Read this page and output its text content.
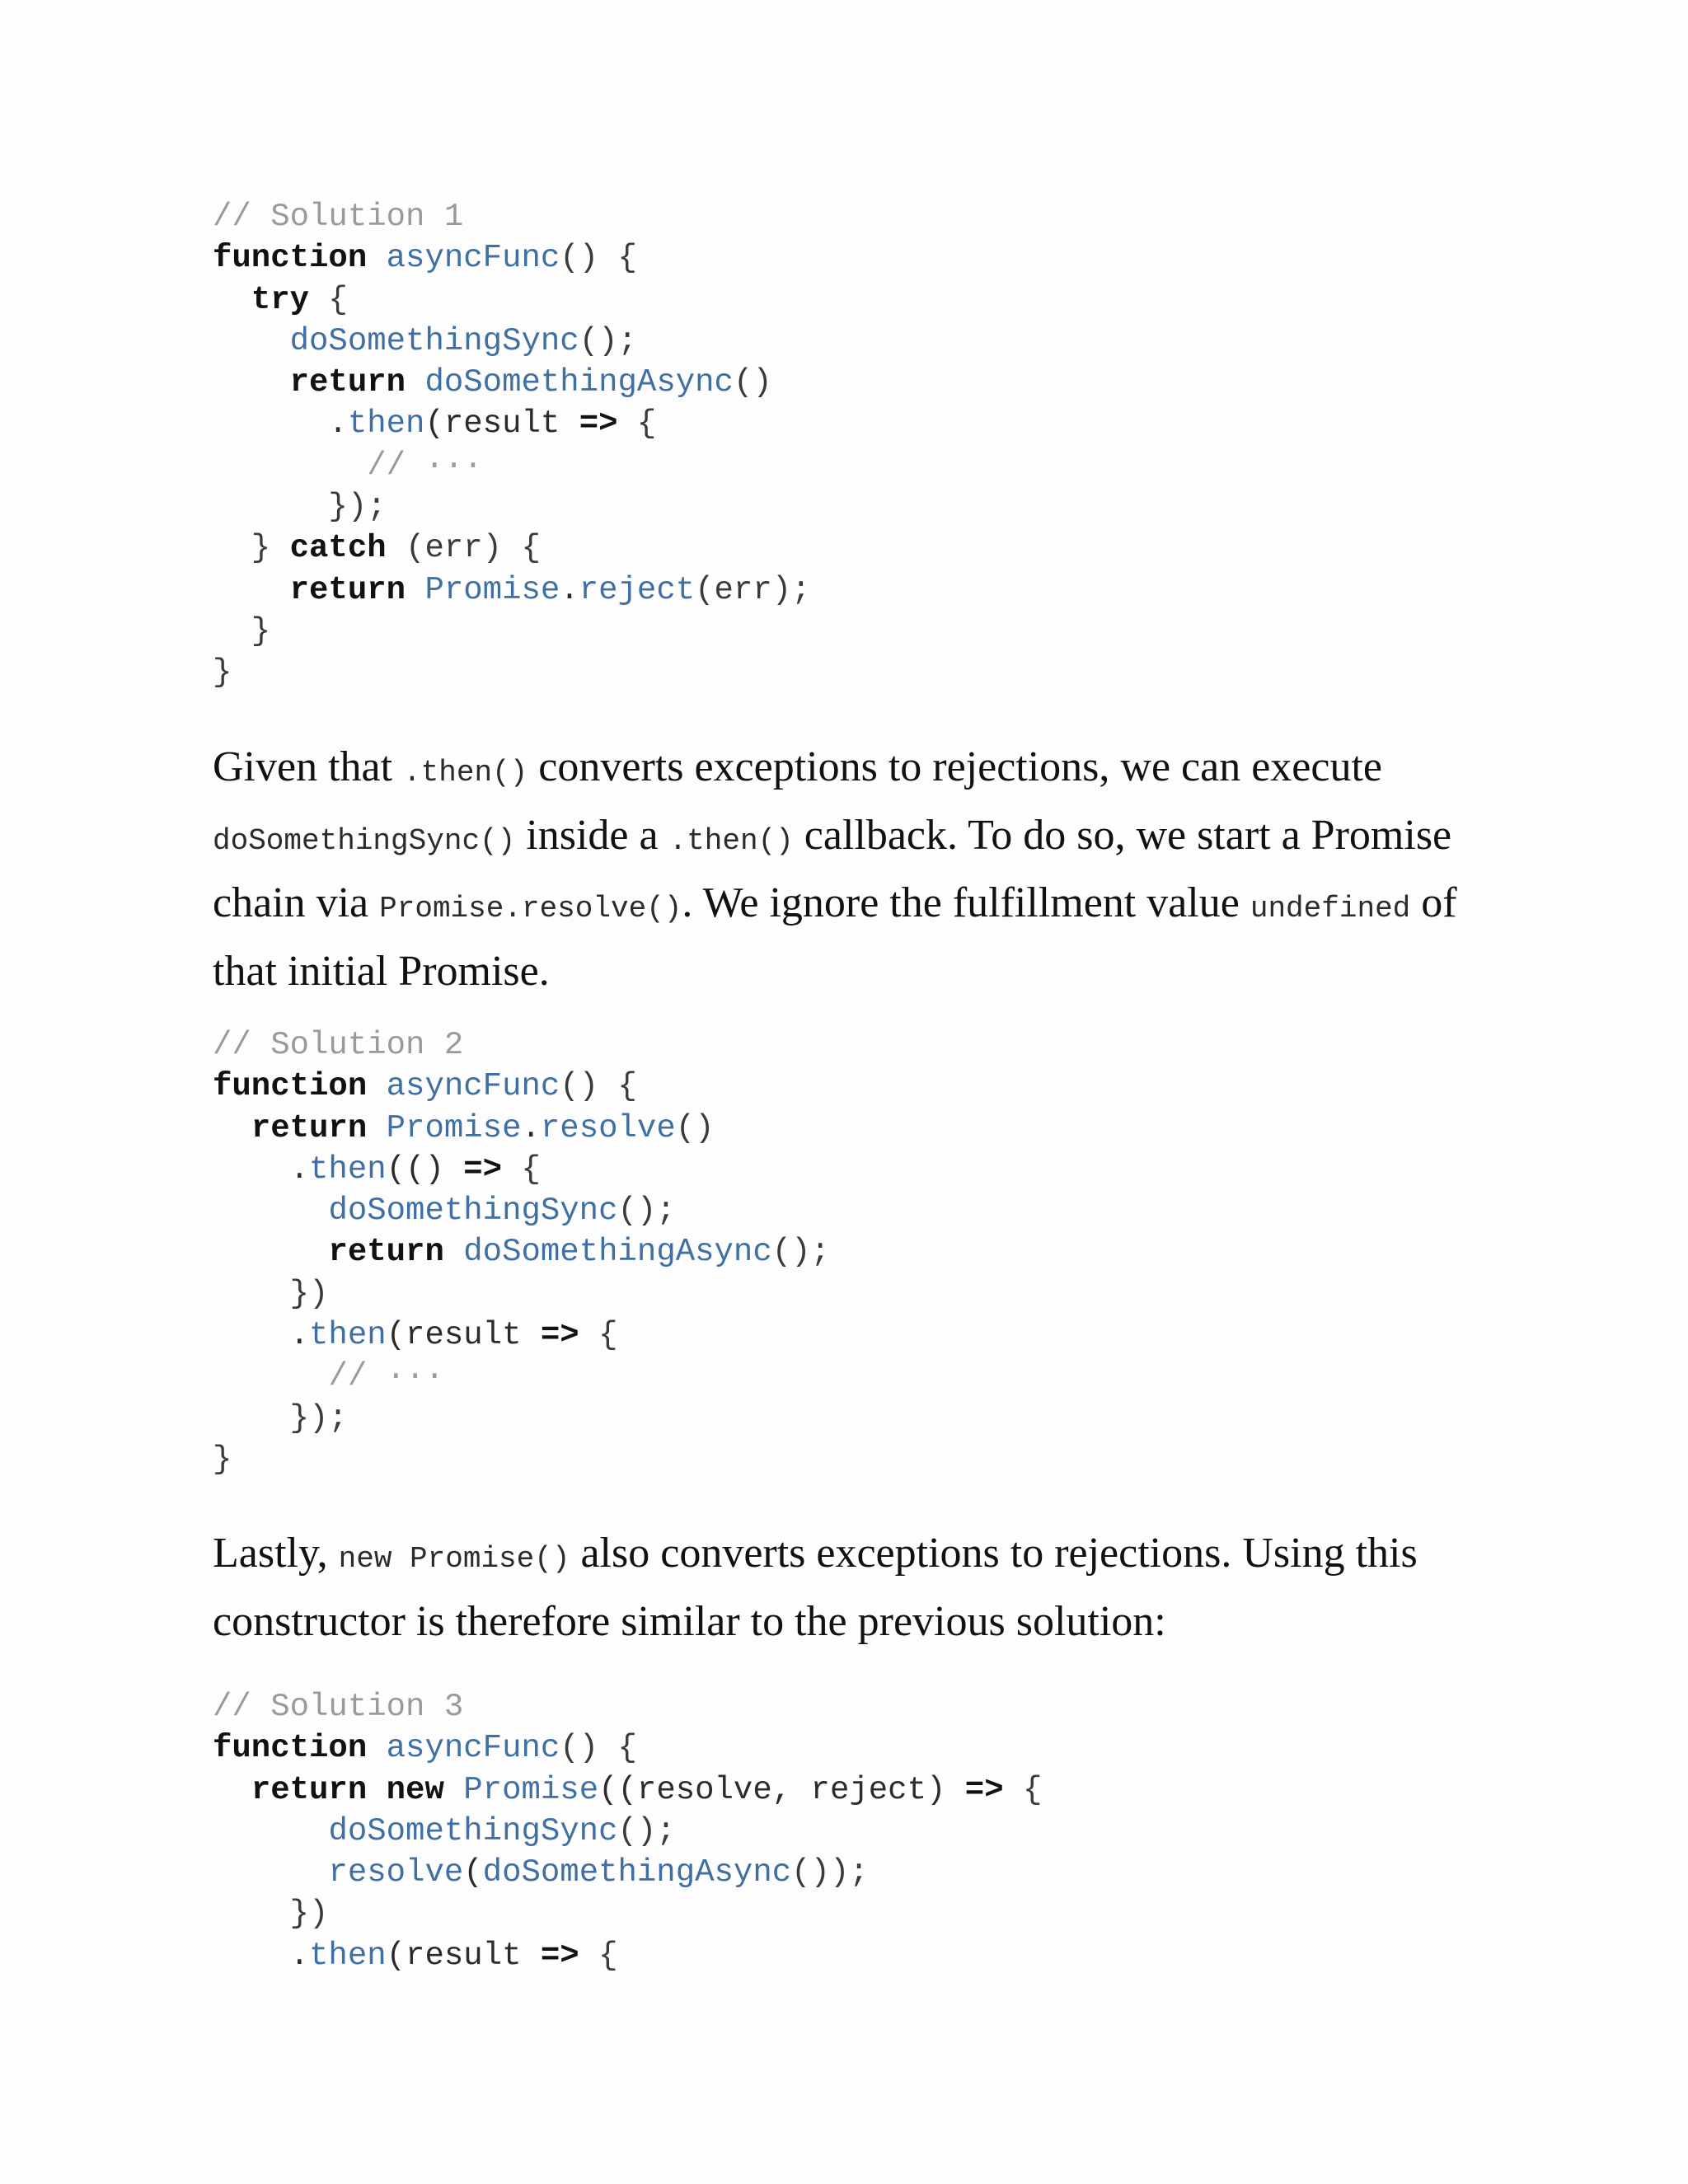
// Solution 1
function asyncFunc() {
try {
doSomethingSync();
return doSomethingAsync()
.then(result => {
// ···
});
} catch (err) {
return Promise.reject(err);
}
}

Given that .then() converts exceptions to rejections, we can execute doSomethingSync() inside a .then() callback. To do so, we start a Promise chain via Promise.resolve(). We ignore the fulfillment value undefined of that initial Promise.

// Solution 2
function asyncFunc() {
return Promise.resolve()
.then(() => {
doSomethingSync();
return doSomethingAsync();
})
.then(result => {
// ···
});
}

Lastly, new Promise() also converts exceptions to rejections. Using this constructor is therefore similar to the previous solution:

// Solution 3
function asyncFunc() {
return new Promise((resolve, reject) => {
doSomethingSync();
resolve(doSomethingAsync());
})
.then(result => {
